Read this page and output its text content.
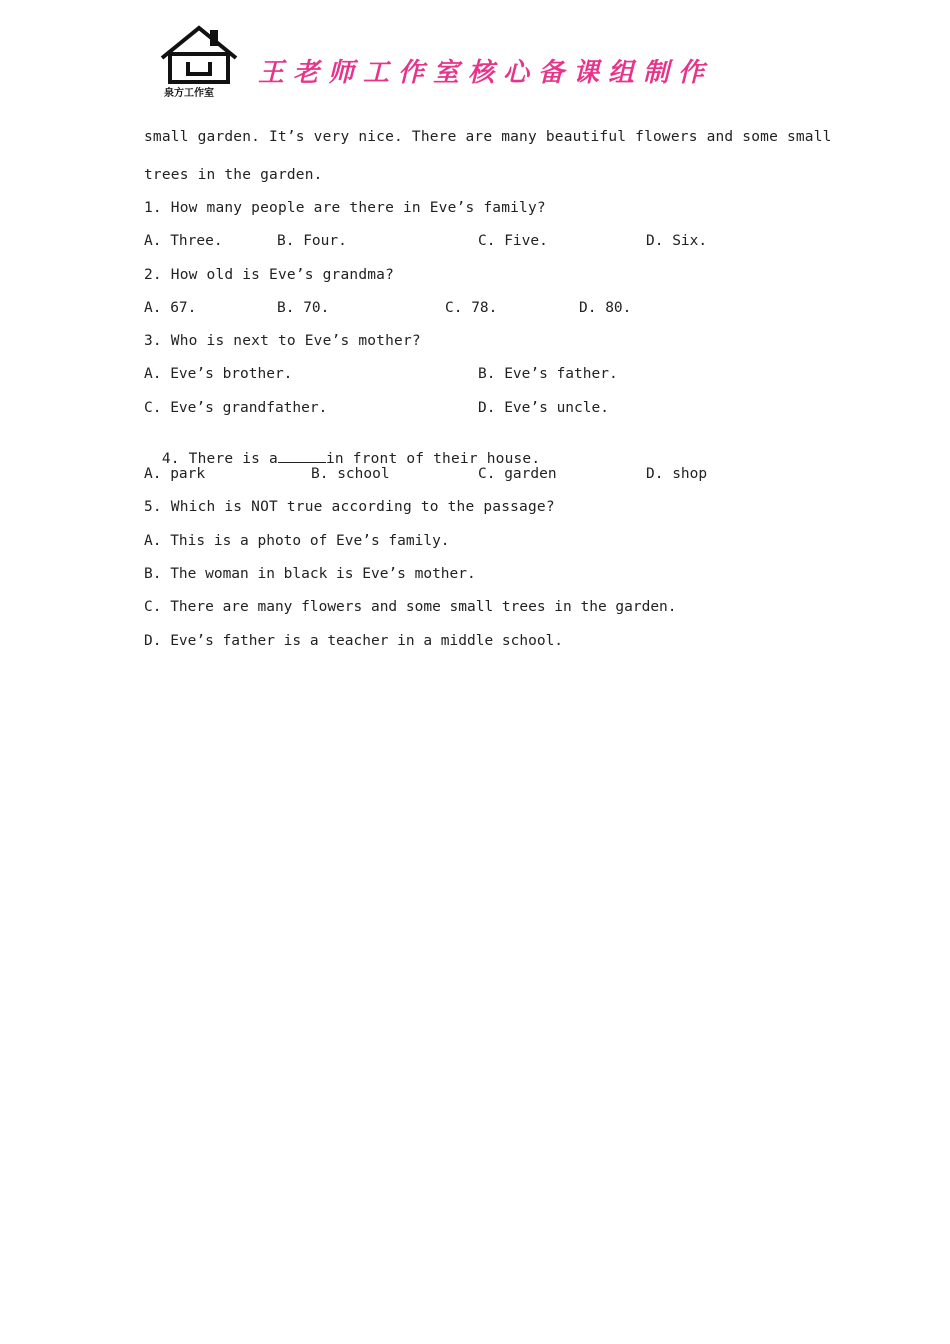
泉方工作室
王老师工作室核心备课组制作
small garden. It’s very nice. There are many beautiful flowers and some small
trees in the garden.
1. How many people are there in Eve’s family?
A. Three.	B. Four.	C. Five.	D. Six.
2. How old is Eve’s grandma?
A. 67.	B. 70.	C. 78.	D. 80.
3. Who is next to Eve’s mother?
A. Eve’s brother.	B. Eve’s father.
C. Eve’s grandfather.	D. Eve’s uncle.

4. There is a	in front of their house.

A. park	B. school	C. garden	D. shop
5. Which is NOT true according to the passage?
A. This is a photo of Eve’s family.
B. The woman in black is Eve’s mother.
C. There are many flowers and some small trees in the garden.
D. Eve’s father is a teacher in a middle school.
